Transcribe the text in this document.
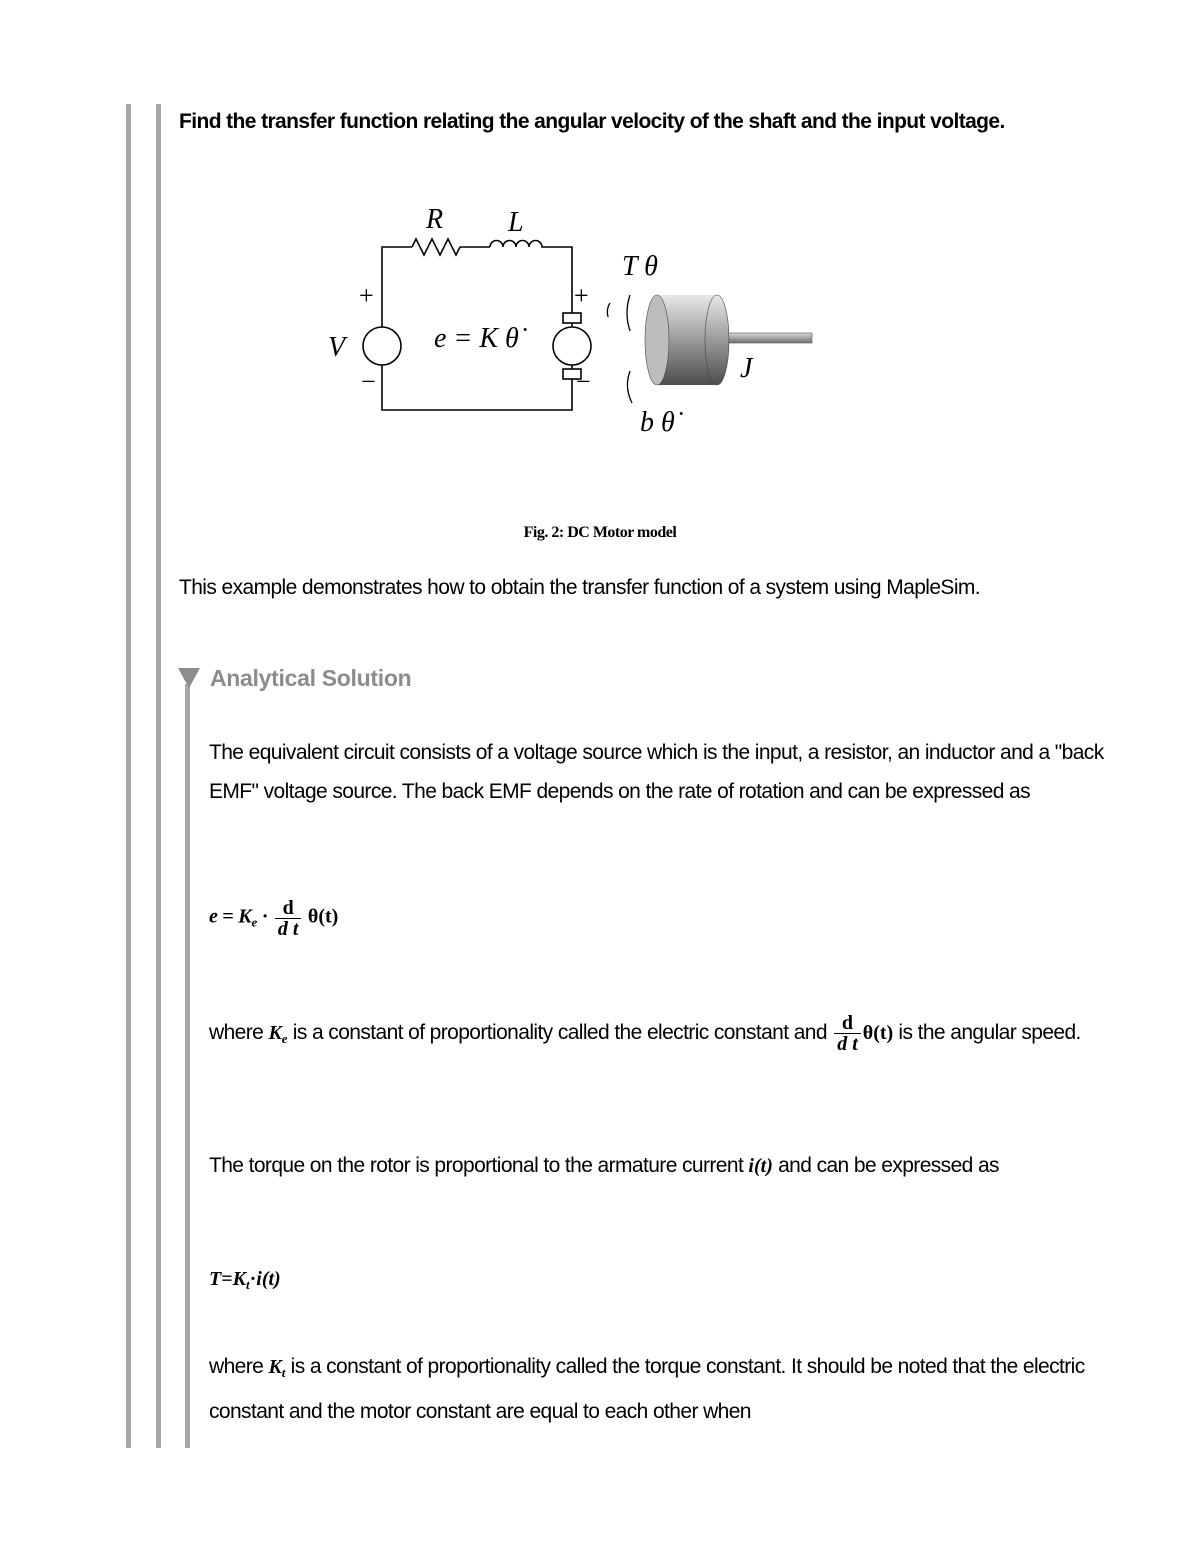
Find the transfer function relating the angular velocity of the shaft and the input voltage.
R L
V
T θ
J
b θ̇
e = K θ̇
+
−
+
−
Fig. 2: DC Motor model
This example demonstrates how to obtain the transfer function of a system using MapleSim.
Analytical Solution
The equivalent circuit consists of a voltage source which is the input, a resistor, an inductor and a "back EMF" voltage source. The back EMF depends on the rate of rotation and can be expressed as
$e = K_e \cdot \frac{d}{\text{d t}} \theta(t)$
where $K_e$ is a constant of proportionality called the electric constant and $\frac{d}{\text{d t}} \theta(t)$ is the angular speed.
The torque on the rotor is proportional to the armature current i(t) and can be expressed as
$T=K_t\cdot i(t)$
where $K_t$ is a constant of proportionality called the torque constant. It should be noted that the electric constant and the motor constant are equal to each other when
